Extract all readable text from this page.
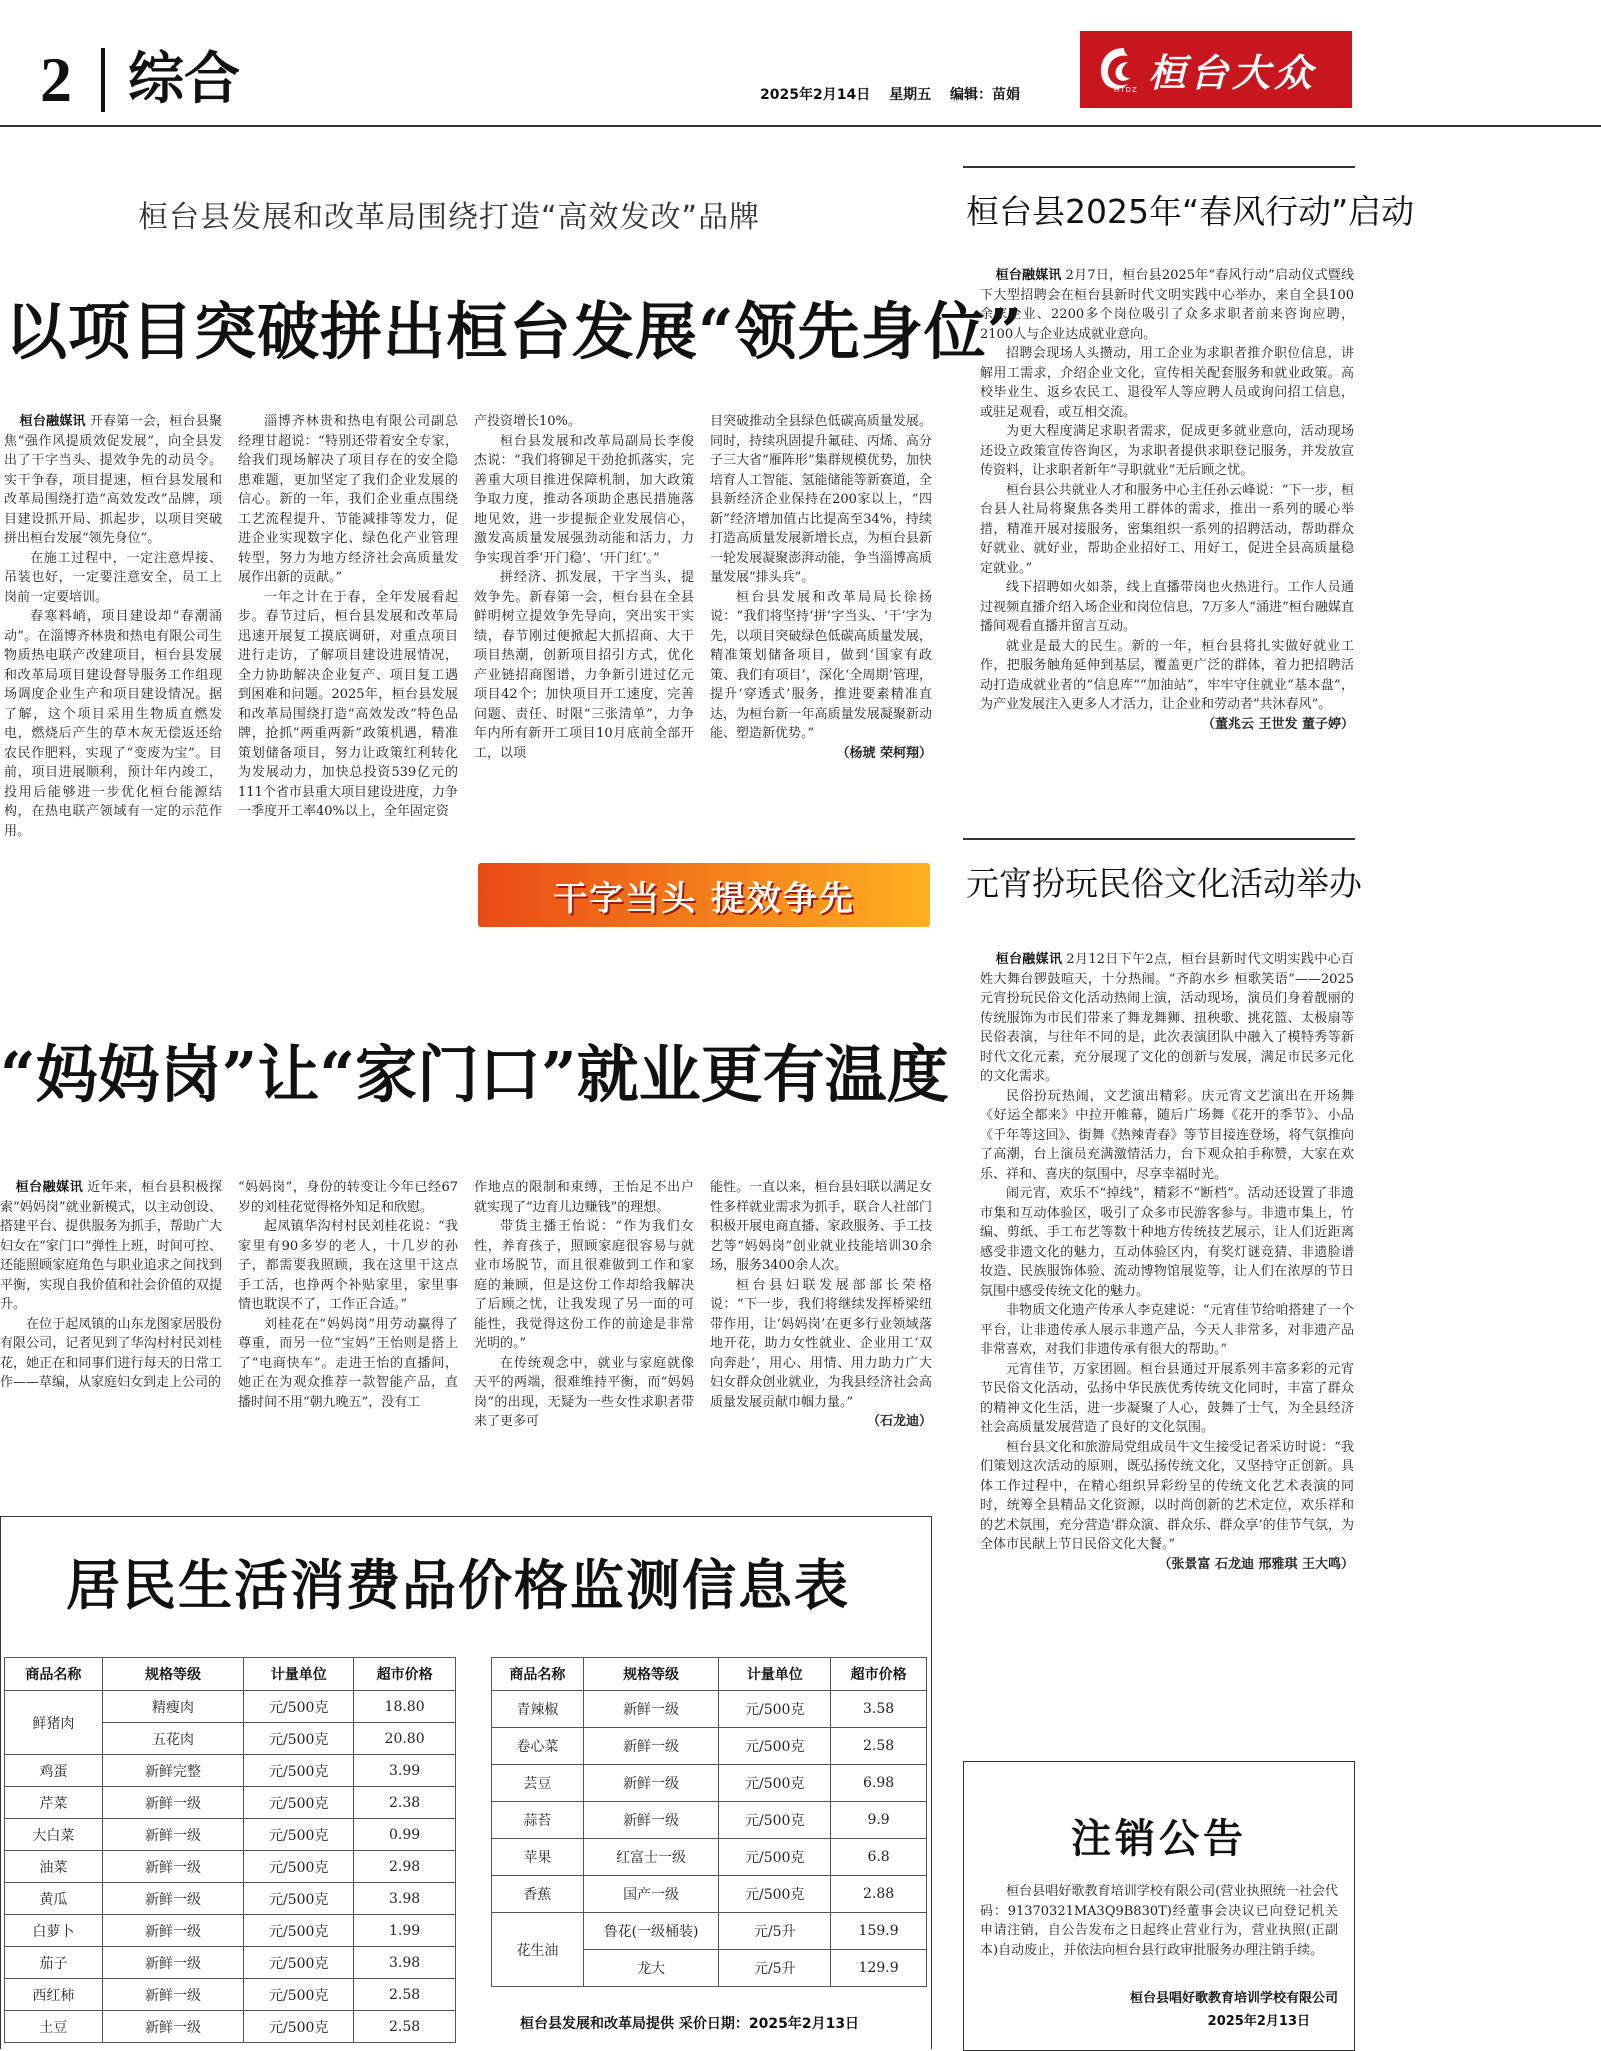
2 综合	2025年2月14日 星期五 编辑：苗娟	HTDZ 桓台大众
桓台县发展和改革局围绕打造“高效发改”品牌
以项目突破拼出桓台发展“领先身位”

桓台融媒讯 开春第一会，桓台县聚焦“强作风提质效促发展”，向全县发出了干字当头、提效争先的动员令。实干争春，项目提速，桓台县发展和改革局围绕打造“高效发改”品牌，项目建设抓开局、抓起步，以项目突破拼出桓台发展“领先身位”。

在施工过程中，一定注意焊接、吊装也好，一定要注意安全，员工上岗前一定要培训。

春寒料峭，项目建设却“春潮涌动”。在淄博齐林贵和热电有限公司生物质热电联产改建项目，桓台县发展和改革局项目建设督导服务工作组现场调度企业生产和项目建设情况。据了解，这个项目采用生物质直燃发电，燃烧后产生的草木灰无偿返还给农民作肥料，实现了“变废为宝”。目前，项目进展顺利，预计年内竣工，投用后能够进一步优化桓台能源结构，在热电联产领域有一定的示范作用。

淄博齐林贵和热电有限公司副总经理甘超说：“特别还带着安全专家，给我们现场解决了项目存在的安全隐患难题，更加坚定了我们企业发展的信心。新的一年，我们企业重点围绕工艺流程提升、节能减排等发力，促进企业实现数字化、绿色化产业管理转型，努力为地方经济社会高质量发展作出新的贡献。”

一年之计在于春，全年发展看起步。春节过后，桓台县发展和改革局迅速开展复工摸底调研，对重点项目进行走访，了解项目建设进展情况，全力协助解决企业复产、项目复工遇到困难和问题。2025年，桓台县发展和改革局围绕打造“高效发改”特色品牌，抢抓“两重两新”政策机遇，精准策划储备项目，努力让政策红利转化为发展动力，加快总投资539亿元的111个省市县重大项目建设进度，力争一季度开工率40%以上，全年固定资

产投资增长10%。

桓台县发展和改革局副局长李俊杰说：“我们将铆足干劲抢抓落实，完善重大项目推进保障机制，加大政策争取力度，推动各项助企惠民措施落地见效，进一步提振企业发展信心，激发高质量发展强劲动能和活力，力争实现首季‘开门稳’、‘开门红’。”

拼经济、抓发展，干字当头，提效争先。新春第一会，桓台县在全县鲜明树立提效争先导向，突出实干实绩，春节刚过便掀起大抓招商、大干项目热潮，创新项目招引方式，优化产业链招商图谱，力争新引进过亿元项目42个；加快项目开工速度，完善问题、责任、时限“三张清单”，力争年内所有新开工项目10月底前全部开工，以项

目突破推动全县绿色低碳高质量发展。同时，持续巩固提升氟硅、丙烯、高分子三大省“雁阵形”集群规模优势，加快培育人工智能、氢能储能等新赛道，全县新经济企业保持在200家以上，“四新”经济增加值占比提高至34%，持续打造高质量发展新增长点，为桓台县新一轮发展凝聚澎湃动能，争当淄博高质量发展“排头兵”。

桓台县发展和改革局局长徐扬说：“我们将坚持‘拼’字当头、‘干’字为先，以项目突破绿色低碳高质量发展，精准策划储备项目，做到‘国家有政策、我们有项目’，深化‘全周期’管理，提升‘穿透式’服务，推进要素精准直达，为桓台新一年高质量发展凝聚新动能、塑造新优势。”

（杨琥 荣柯翔）
干字当头 提效争先
“妈妈岗”让“家门口”就业更有温度

桓台融媒讯 近年来，桓台县积极探索“妈妈岗”就业新模式，以主动创设、搭建平台、提供服务为抓手，帮助广大妇女在“家门口”弹性上班，时间可控、还能照顾家庭角色与职业追求之间找到平衡，实现自我价值和社会价值的双提升。

在位于起凤镇的山东龙图家居股份有限公司，记者见到了华沟村村民刘桂花，她正在和同事们进行每天的日常工作——草编，从家庭妇女到走上公司的

“妈妈岗”，身份的转变让今年已经67岁的刘桂花觉得格外知足和欣慰。

起凤镇华沟村村民刘桂花说：“我家里有90多岁的老人，十几岁的孙子，都需要我照顾，我在这里干这点手工活，也挣两个补贴家里，家里事情也耽误不了，工作正合适。”

刘桂花在“妈妈岗”用劳动赢得了尊重，而另一位“宝妈”王怡则是搭上了“电商快车”。走进王怡的直播间，她正在为观众推荐一款智能产品，直播时间不用“朝九晚五”，没有工

作地点的限制和束缚，王怡足不出户就实现了“边育儿边赚钱”的理想。

带货主播王怡说：“作为我们女性，养育孩子，照顾家庭很容易与就业市场脱节，而且很难做到工作和家庭的兼顾，但是这份工作却给我解决了后顾之忧，让我发现了另一面的可能性，我觉得这份工作的前途是非常光明的。”

在传统观念中，就业与家庭就像天平的两端，很难维持平衡，而“妈妈岗”的出现，无疑为一些女性求职者带来了更多可

能性。一直以来，桓台县妇联以满足女性多样就业需求为抓手，联合人社部门积极开展电商直播、家政服务、手工技艺等“妈妈岗”创业就业技能培训30余场，服务3400余人次。

桓台县妇联发展部部长荣格说：“下一步，我们将继续发挥桥梁纽带作用，让‘妈妈岗’在更多行业领域落地开花，助力女性就业、企业用工‘双向奔赴’，用心、用情、用力助力广大妇女群众创业就业，为我县经济社会高质量发展贡献巾帼力量。”

（石龙迪）
桓台县2025年“春风行动”启动

桓台融媒讯 2月7日，桓台县2025年“春风行动”启动仪式暨线下大型招聘会在桓台县新时代文明实践中心举办，来自全县100余家企业、2200多个岗位吸引了众多求职者前来咨询应聘，2100人与企业达成就业意向。

招聘会现场人头攒动，用工企业为求职者推介职位信息，讲解用工需求，介绍企业文化，宣传相关配套服务和就业政策。高校毕业生、返乡农民工、退役军人等应聘人员或询问招工信息，或驻足观看，或互相交流。

为更大程度满足求职者需求，促成更多就业意向，活动现场还设立政策宣传咨询区，为求职者提供求职登记服务，并发放宣传资料，让求职者新年“寻职就业”无后顾之忧。

桓台县公共就业人才和服务中心主任孙云峰说：“下一步，桓台县人社局将聚焦各类用工群体的需求，推出一系列的暖心举措，精准开展对接服务，密集组织一系列的招聘活动，帮助群众好就业、就好业，帮助企业招好工、用好工，促进全县高质量稳定就业。”

线下招聘如火如荼，线上直播带岗也火热进行。工作人员通过视频直播介绍入场企业和岗位信息，7万多人“涌进”桓台融媒直播间观看直播并留言互动。

就业是最大的民生。新的一年，桓台县将扎实做好就业工作，把服务触角延伸到基层，覆盖更广泛的群体，着力把招聘活动打造成就业者的“信息库”“加油站”，牢牢守住就业“基本盘”，为产业发展注入更多人才活力，让企业和劳动者“共沐春风”。

（董兆云 王世发 董子婷）
元宵扮玩民俗文化活动举办

桓台融媒讯 2月12日下午2点，桓台县新时代文明实践中心百姓大舞台锣鼓喧天，十分热闹。“齐韵水乡 桓歌笑语”——2025元宵扮玩民俗文化活动热闹上演，活动现场，演员们身着靓丽的传统服饰为市民们带来了舞龙舞狮、扭秧歌、挑花篮、太极扇等民俗表演，与往年不同的是，此次表演团队中融入了模特秀等新时代文化元素，充分展现了文化的创新与发展，满足市民多元化的文化需求。

民俗扮玩热闹，文艺演出精彩。庆元宵文艺演出在开场舞《好运全都来》中拉开帷幕，随后广场舞《花开的季节》、小品《千年等这回》、街舞《热辣青春》等节目接连登场，将气氛推向了高潮，台上演员充满激情活力，台下观众拍手称赞，大家在欢乐、祥和、喜庆的氛围中，尽享幸福时光。

闹元宵，欢乐不“掉线”，精彩不“断档”。活动还设置了非遗市集和互动体验区，吸引了众多市民游客参与。非遗市集上，竹编、剪纸、手工布艺等数十种地方传统技艺展示，让人们近距离感受非遗文化的魅力，互动体验区内，有奖灯谜竞猜、非遗脸谱妆造、民族服饰体验、流动博物馆展览等，让人们在浓厚的节日氛围中感受传统文化的魅力。

非物质文化遗产传承人李克建说：“元宵佳节给咱搭建了一个平台，让非遗传承人展示非遗产品，今天人非常多，对非遗产品非常喜欢，对我们非遗传承有很大的帮助。”

元宵佳节，万家团圆。桓台县通过开展系列丰富多彩的元宵节民俗文化活动，弘扬中华民族优秀传统文化同时，丰富了群众的精神文化生活，进一步凝聚了人心，鼓舞了士气，为全县经济社会高质量发展营造了良好的文化氛围。

桓台县文化和旅游局党组成员牛文生接受记者采访时说：“我们策划这次活动的原则，既弘扬传统文化，又坚持守正创新。具体工作过程中，在精心组织异彩纷呈的传统文化艺术表演的同时，统筹全县精品文化资源，以时尚创新的艺术定位，欢乐祥和的艺术氛围，充分营造‘群众演、群众乐、群众享’的佳节气氛，为全体市民献上节日民俗文化大餐。”

（张景富 石龙迪 邢雅琪 王大鸣）
居民生活消费品价格监测信息表
商品名称	规格等级	计量单位	超市价格
鲜猪肉	精瘦肉	元/500克	18.80
	五花肉	元/500克	20.80
鸡蛋	新鲜完整	元/500克	3.99
芹菜	新鲜一级	元/500克	2.38
大白菜	新鲜一级	元/500克	0.99
油菜	新鲜一级	元/500克	2.98
黄瓜	新鲜一级	元/500克	3.98
白萝卜	新鲜一级	元/500克	1.99
茄子	新鲜一级	元/500克	3.98
西红柿	新鲜一级	元/500克	2.58
土豆	新鲜一级	元/500克	2.58
商品名称	规格等级	计量单位	超市价格
青辣椒	新鲜一级	元/500克	3.58
卷心菜	新鲜一级	元/500克	2.58
芸豆	新鲜一级	元/500克	6.98
蒜苔	新鲜一级	元/500克	9.9
苹果	红富士一级	元/500克	6.8
香蕉	国产一级	元/500克	2.88
花生油	鲁花(一级桶装)	元/5升	159.9
	龙大	元/5升	129.9
桓台县发展和改革局提供 采价日期：2025年2月13日
注销公告

桓台县唱好歌教育培训学校有限公司(营业执照统一社会代码：91370321MA3Q9B830T)经董事会决议已向登记机关申请注销，自公告发布之日起终止营业行为，营业执照(正副本)自动废止，并依法向桓台县行政审批服务办理注销手续。

桓台县唱好歌教育培训学校有限公司
2025年2月13日
